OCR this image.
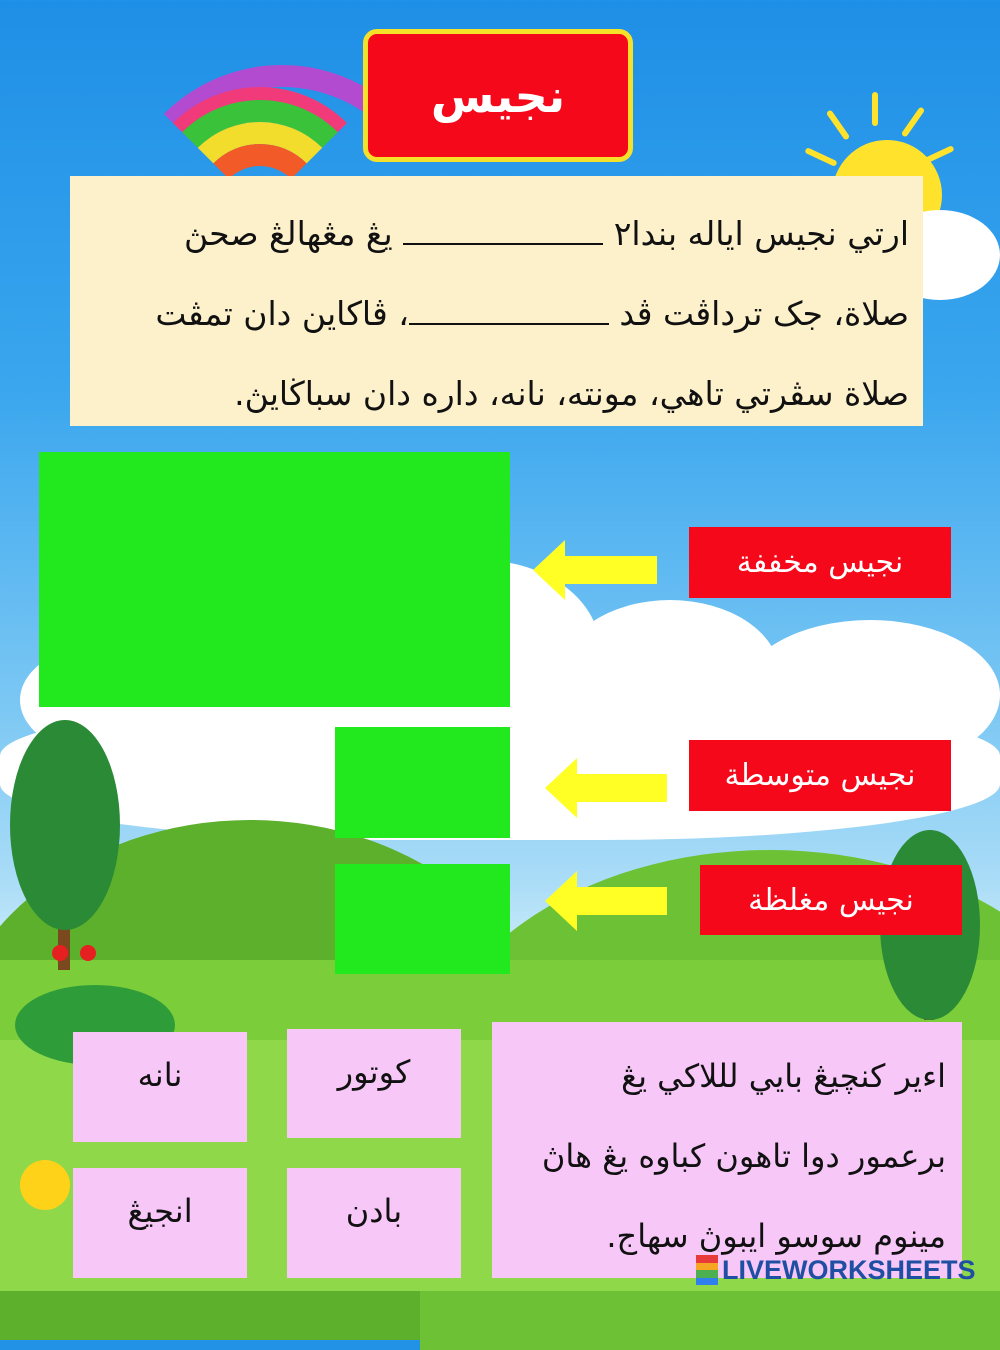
نجيس
ارتي نجيس اياله بندا٢  يڠ مڠهالڠ صحڽ
صلاة، جک ترداڤت ڤد ، ڤاكاين دان تمڤت
صلاة سڤرتي تاهي، مونته، نانه، داره دان سباڬايڽ.
نجيس مخففة
نجيس متوسطة
نجيس مغلظة
نانه	كوتور
انجيڠ	بادن
اءير كنچيڠ بايي لللاكي يڠ
برعمور دوا تاهون كباوه يڠ هاڽ
مينوم سوسو ايبوڽ سهاج.
LIVEWORKSHEETS
